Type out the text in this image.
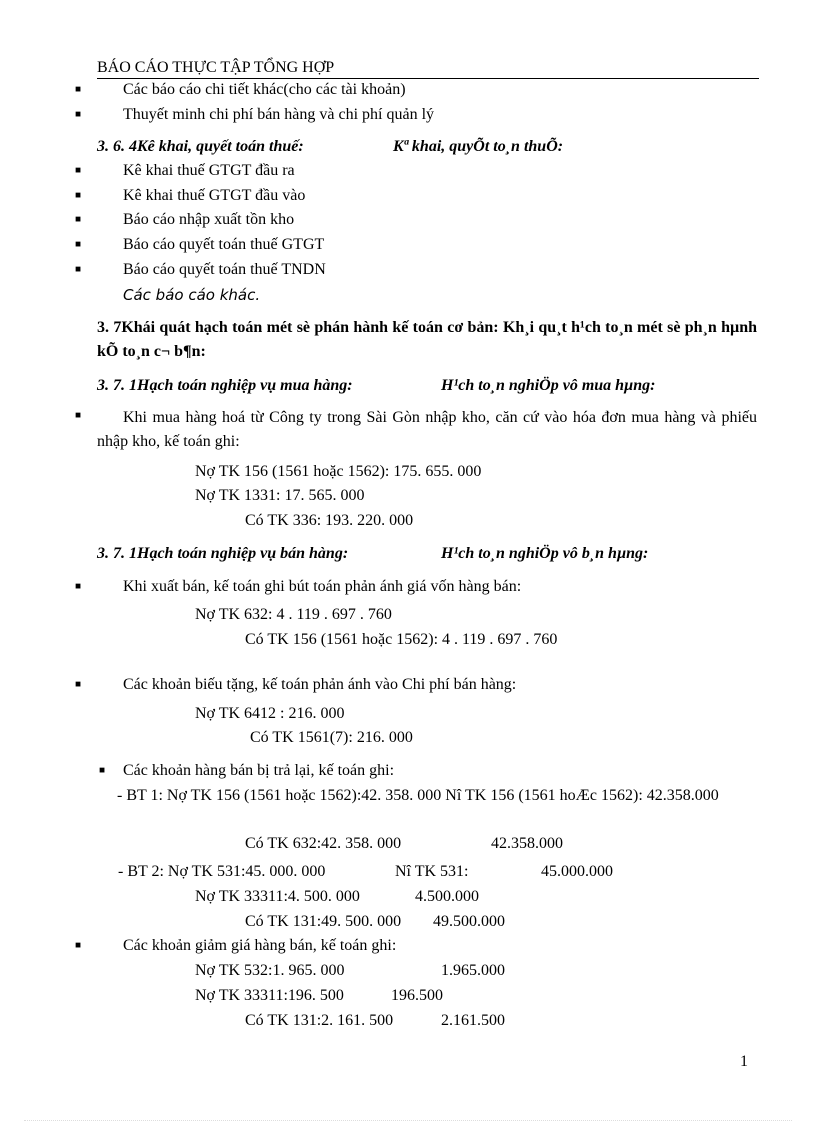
BÁO CÁO THỰC TẬP TỔNG HỢP
■	Các báo cáo chi tiết khác(cho các tài khoản)
■	Thuyết minh chi phí bán hàng và chi phí quản lý
3. 6. 4Kê khai, quyết toán thuế:	Kª khai, quyÕt to¸n thuÕ:
■	Kê khai thuế GTGT đầu ra
■	Kê khai thuế GTGT đầu vào
■	Báo cáo nhập xuất tồn kho
■	Báo cáo quyết toán thuế GTGT
■	Báo cáo quyết toán thuế TNDN
Các báo cáo khác.
3. 7Khái quát hạch toán mét sè phán hành kế toán cơ bản: Kh¸i qu¸t h¹ch to¸n mét sè ph¸n hµnh kÕ to¸n c¬ b¶n:
3. 7. 1Hạch toán nghiệp vụ mua hàng:	H¹ch to¸n nghiÖp vô mua hµng:
■	Khi mua hàng hoá từ Công ty trong Sài Gòn nhập kho, căn cứ vào hóa đơn mua hàng và phiếu nhập kho, kế toán ghi:
Nợ TK 156 (1561 hoặc 1562): 175. 655. 000
Nợ TK 1331: 17. 565. 000
Có TK 336: 193. 220. 000
3. 7. 1Hạch toán nghiệp vụ bán hàng:	H¹ch to¸n nghiÖp vô b¸n hµng:
■	Khi xuất bán, kế toán ghi bút toán phản ánh giá vốn hàng bán:
Nợ TK 632: 4 . 119 . 697 . 760
Có TK 156 (1561 hoặc 1562): 4 . 119 . 697 . 760
■	Các khoản biếu tặng, kế toán phản ánh vào Chi phí bán hàng:
Nợ TK 6412 : 216. 000
Có TK 1561(7): 216. 000
■ Các khoản hàng bán bị trả lại, kế toán ghi:
- BT 1: Nợ TK 156 (1561 hoặc 1562):42. 358. 000 Nî TK 156 (1561 hoÆc 1562): 42.358.000
Có TK 632:42. 358. 000	42.358.000
- BT 2: Nợ TK 531:45. 000. 000	Nî TK 531:	45.000.000
Nợ TK 33311:4. 500. 000	4.500.000
Có TK 131:49. 500. 000 49.500.000
■	Các khoản giảm giá hàng bán, kế toán ghi:
Nợ TK 532:1. 965. 000	1.965.000
Nợ TK 33311:196. 500	196.500
Có TK 131:2. 161. 500	2.161.500
1
